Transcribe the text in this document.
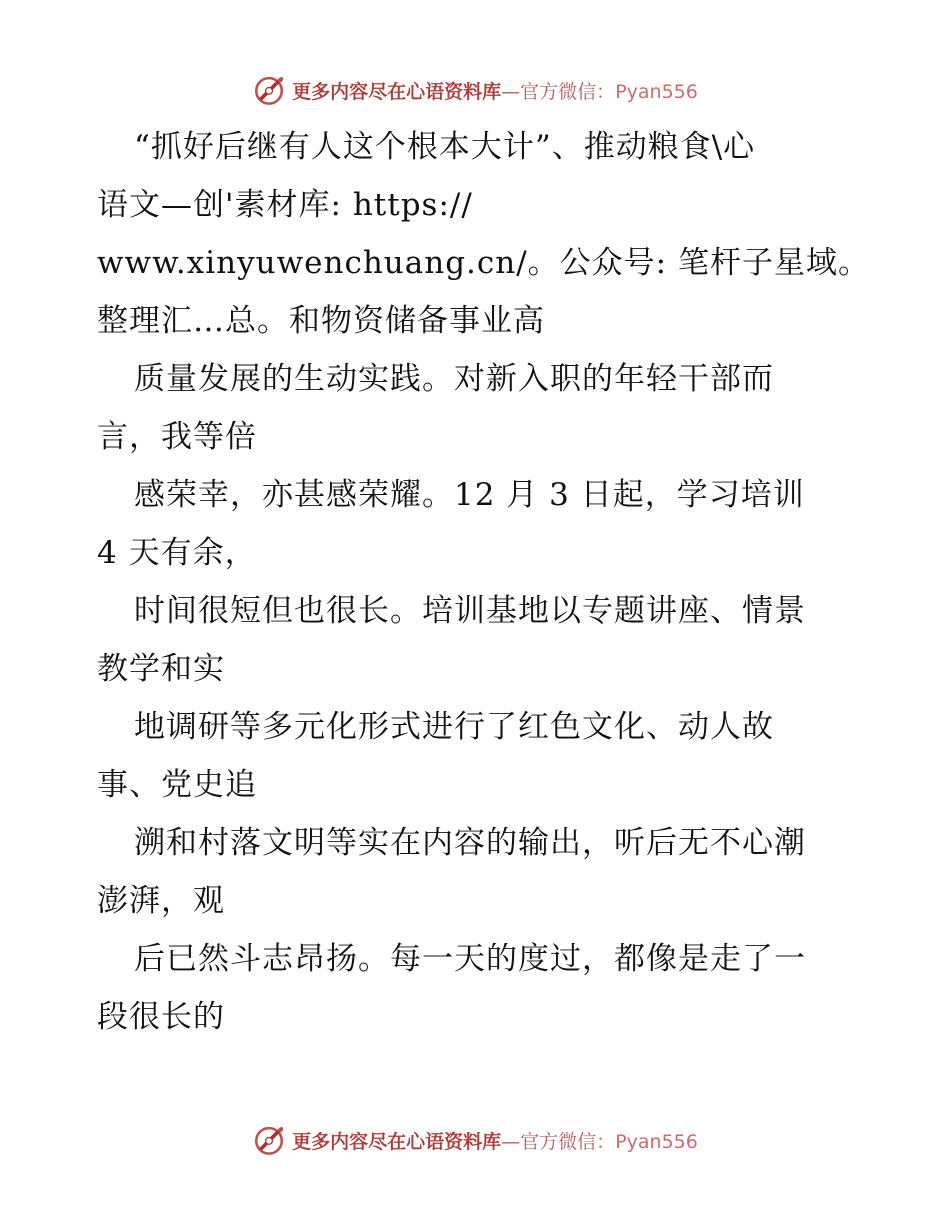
更多内容尽在心语资料库—官方微信：Pyan556
“抓好后继有人这个根本大计”、推动粮食\心
语文—创'素材库: https://
www.xinyuwenchuang.cn/。公众号: 笔杆子星域。
整理汇…总。和物资储备事业高
质量发展的生动实践。对新入职的年轻干部而
言，我等倍
感荣幸，亦甚感荣耀。12 月 3 日起，学习培训
4 天有余，
时间很短但也很长。培训基地以专题讲座、情景
教学和实
地调研等多元化形式进行了红色文化、动人故
事、党史追
溯和村落文明等实在内容的输出，听后无不心潮
澎湃，观
后已然斗志昂扬。每一天的度过，都像是走了一
段很长的
更多内容尽在心语资料库—官方微信：Pyan556
